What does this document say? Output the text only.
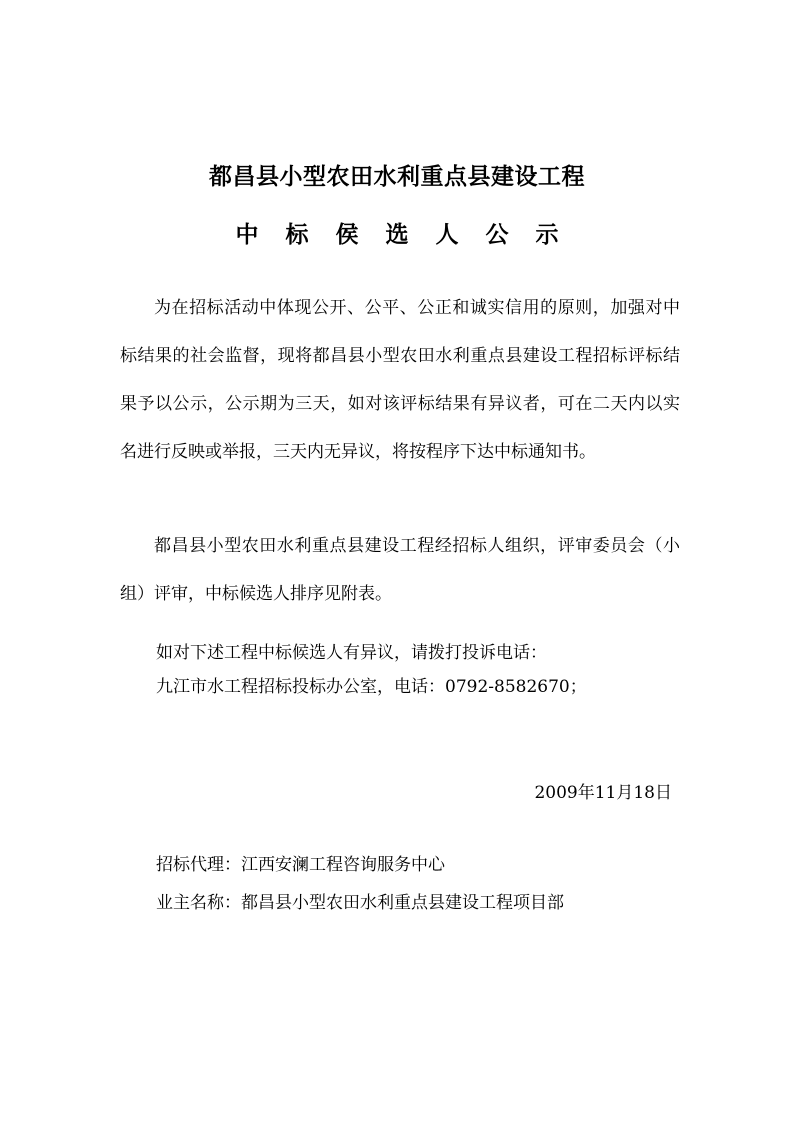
都昌县小型农田水利重点县建设工程
中标侯选人公示

为在招标活动中体现公开、公平、公正和诚实信用的原则，加强对中标结果的社会监督，现将都昌县小型农田水利重点县建设工程招标评标结果予以公示，公示期为三天，如对该评标结果有异议者，可在二天内以实名进行反映或举报，三天内无异议，将按程序下达中标通知书。

都昌县小型农田水利重点县建设工程经招标人组织，评审委员会（小组）评审，中标候选人排序见附表。

如对下述工程中标候选人有异议，请拨打投诉电话：

九江市水工程招标投标办公室，电话：0792-8582670；

2009年11月18日

招标代理：江西安澜工程咨询服务中心

业主名称：都昌县小型农田水利重点县建设工程项目部
